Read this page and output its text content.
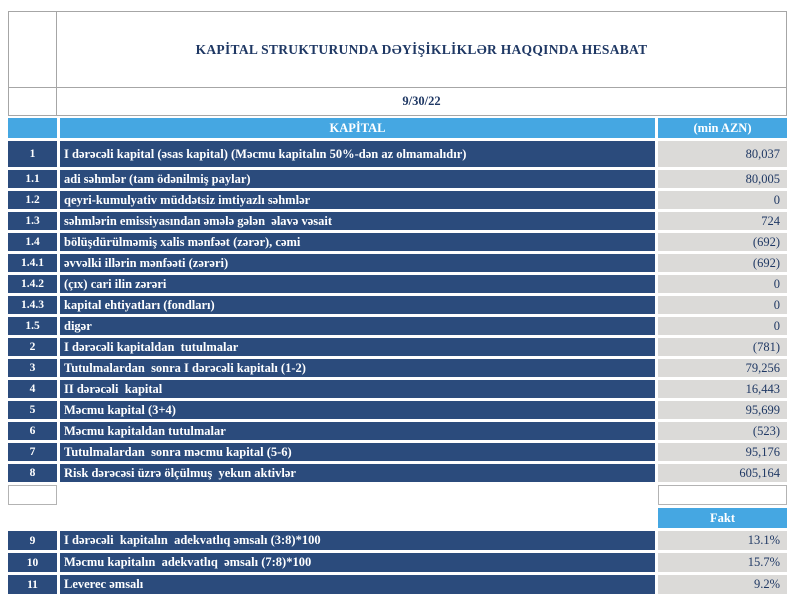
KAPİTAL STRUKTURUNDA DƏYİŞİKLİKLƏR HAQQINDA HESABAT
9/30/22
KAPİTAL	(min AZN)
1	I dərəcəli kapital (əsas kapital) (Məcmu kapitalın 50%-dən az olmamalıdır)	80,037
1.1	adi səhmlər (tam ödənilmiş paylar)	80,005
1.2	qeyri-kumulyativ müddətsiz imtiyazlı səhmlər	0
1.3	səhmlərin emissiyasından əmələ gələn  əlavə vəsait	724
1.4	bölüşdürülməmiş xalis mənfəət (zərər), cəmi	(692)
1.4.1	əvvəlki illərin mənfəəti (zərəri)	(692)
1.4.2	(çıx) cari ilin zərəri	0
1.4.3	kapital ehtiyatları (fondları)	0
1.5	digər	0
2	I dərəcəli kapitaldan  tutulmalar	(781)
3	Tutulmalardan  sonra I dərəcəli kapitalı (1-2)	79,256
4	II dərəcəli  kapital	16,443
5	Məcmu kapital (3+4)	95,699
6	Məcmu kapitaldan tutulmalar	(523)
7	Tutulmalardan  sonra məcmu kapital (5-6)	95,176
8	Risk dərəcəsi üzrə ölçülmuş  yekun aktivlər	605,164
Fakt
9	I dərəcəli  kapitalın  adekvatlıq əmsalı (3:8)*100	13.1%
10	Məcmu kapitalın  adekvatlıq  əmsalı (7:8)*100	15.7%
11	Leverec əmsalı	9.2%
